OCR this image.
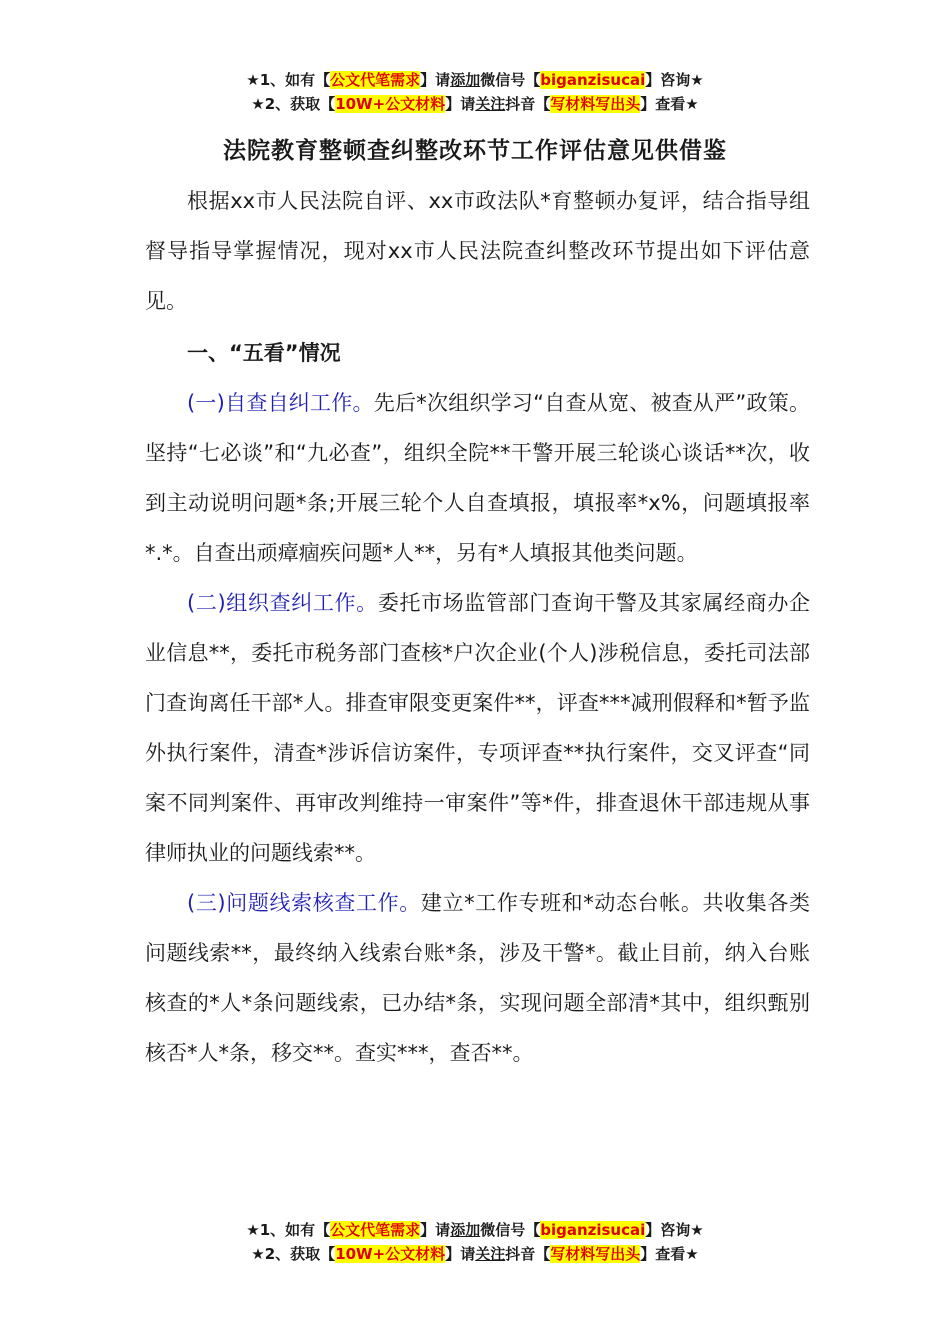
★1、如有【公文代笔需求】请添加微信号【biganzisucai】咨询★
★2、获取【10W+公文材料】请关注抖音【写材料写出头】查看★
法院教育整顿查纠整改环节工作评估意见供借鉴

根据xx市人民法院自评、xx市政法队*育整顿办复评，结合指导组督导指导掌握情况，现对xx市人民法院查纠整改环节提出如下评估意见。

一、“五看”情况

(一)自查自纠工作。先后*次组织学习“自查从宽、被查从严”政策。坚持“七必谈”和“九必查”，组织全院**干警开展三轮谈心谈话**次，收到主动说明问题*条;开展三轮个人自查填报，填报率*x%，问题填报率*.*。自查出顽瘴痼疾问题*人**，另有*人填报其他类问题。

(二)组织查纠工作。委托市场监管部门查询干警及其家属经商办企业信息**，委托市税务部门查核*户次企业(个人)涉税信息，委托司法部门查询离任干部*人。排查审限变更案件**，评查***减刑假释和*暂予监外执行案件，清查*涉诉信访案件，专项评查**执行案件，交叉评查“同案不同判案件、再审改判维持一审案件”等*件，排查退休干部违规从事律师执业的问题线索**。

(三)问题线索核查工作。建立*工作专班和*动态台帐。共收集各类问题线索**，最终纳入线索台账*条，涉及干警*。截止目前，纳入台账核查的*人*条问题线索，已办结*条，实现问题全部清*其中，组织甄别核否*人*条，移交**。查实***，查否**。

★1、如有【公文代笔需求】请添加微信号【biganzisucai】咨询★
★2、获取【10W+公文材料】请关注抖音【写材料写出头】查看★
